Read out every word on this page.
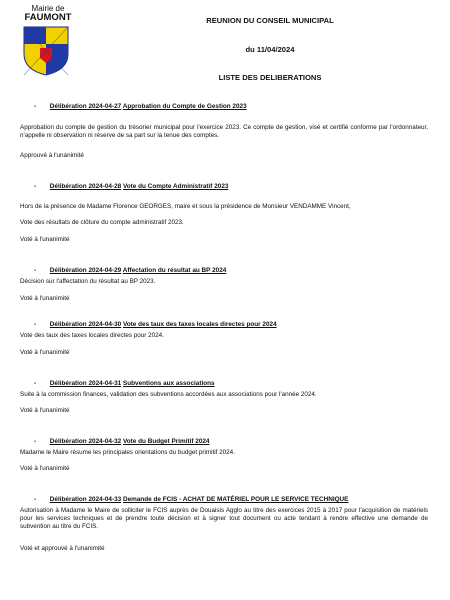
Mairie de
FAUMONT	REUNION DU CONSEIL MUNICIPAL
du 11/04/2024
LISTE DES DELIBERATIONS
- Délibération 2024-04-27 Approbation du Compte de Gestion 2023
Approbation du compte de gestion du trésorier municipal pour l'exercice 2023. Ce compte de gestion, visé et certifié conforme par l'ordonnateur, n'appelle ni observation ni réserve de sa part sur la tenue des comptes.
Approuvé à l'unanimité
- Délibération 2024-04-28 Vote du Compte Administratif 2023
Hors de la présence de Madame Florence GEORGES, maire et sous la présidence de Monsieur VENDAMME Vincent,
Vote des résultats de clôture du compte administratif 2023.
Voté à l'unanimité
- Délibération 2024-04-29 Affectation du résultat au BP 2024
Décision sur l'affectation du résultat au BP 2023.
Voté à l'unanimité
- Délibération 2024-04-30 Vote des taux des taxes locales directes pour 2024
Vote des taux des taxes locales directes pour 2024.
Voté à l'unanimité
- Délibération 2024-04-31 Subventions aux associations
Suite à la commission finances, validation des subventions accordées aux associations pour l'année 2024.
Voté à l'unanimité
- Délibération 2024-04-32 Vote du Budget Primitif 2024
Madame le Maire résume les principales orientations du budget primitif 2024.
Voté à l'unanimité
- Délibération 2024-04-33 Demande de FCIS - ACHAT DE MATÉRIEL POUR LE SERVICE TECHNIQUE
Autorisation à Madame le Maire de solliciter le FCIS auprès de Douaisis Agglo au titre des exercices 2015 à 2017 pour l'acquisition de matériels pour les services techniques et de prendre toute décision et à signer tout document ou acte tendant à rendre effective une demande de subvention au titre du FCIS.
Voté et approuvé à l'unanimité
